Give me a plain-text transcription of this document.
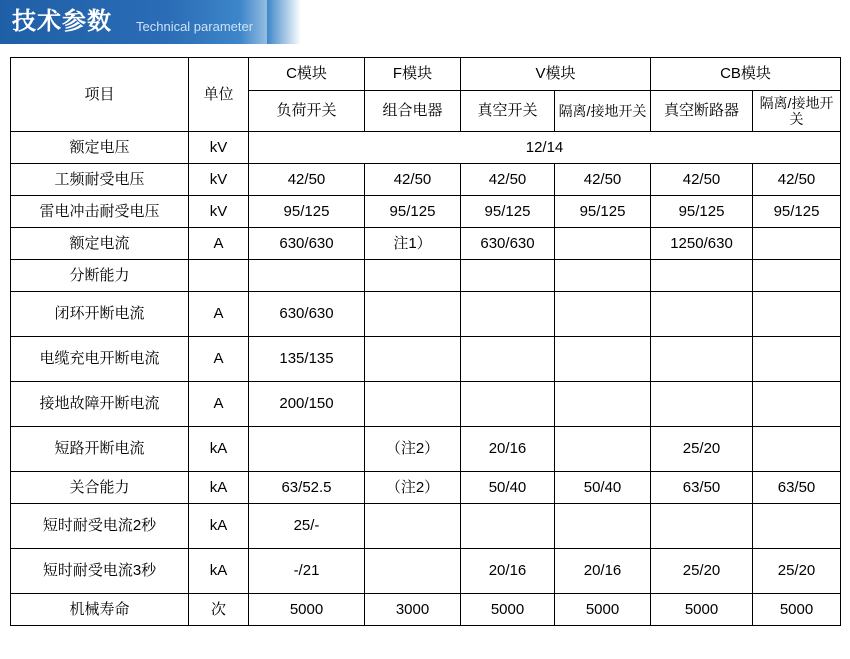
技术参数 Technical parameter
项目	单位	C模块	F模块	V模块		CB模块	
		负荷开关	组合电器	真空开关	隔离/接地开关	真空断路器	隔离/接地开关
额定电压	kV	12/14					
工频耐受电压	kV	42/50	42/50	42/50	42/50	42/50	42/50
雷电冲击耐受电压	kV	95/125	95/125	95/125	95/125	95/125	95/125
额定电流	A	630/630	注1）	630/630		1250/630	
分断能力							
闭环开断电流	A	630/630					
电缆充电开断电流	A	135/135					
接地故障开断电流	A	200/150					
短路开断电流	kA		（注2）	20/16		25/20	
关合能力	kA	63/52.5	（注2）	50/40	50/40	63/50	63/50
短时耐受电流2秒	kA	25/-					
短时耐受电流3秒	kA	-/21		20/16	20/16	25/20	25/20
机械寿命	次	5000	3000	5000	5000	5000	5000
